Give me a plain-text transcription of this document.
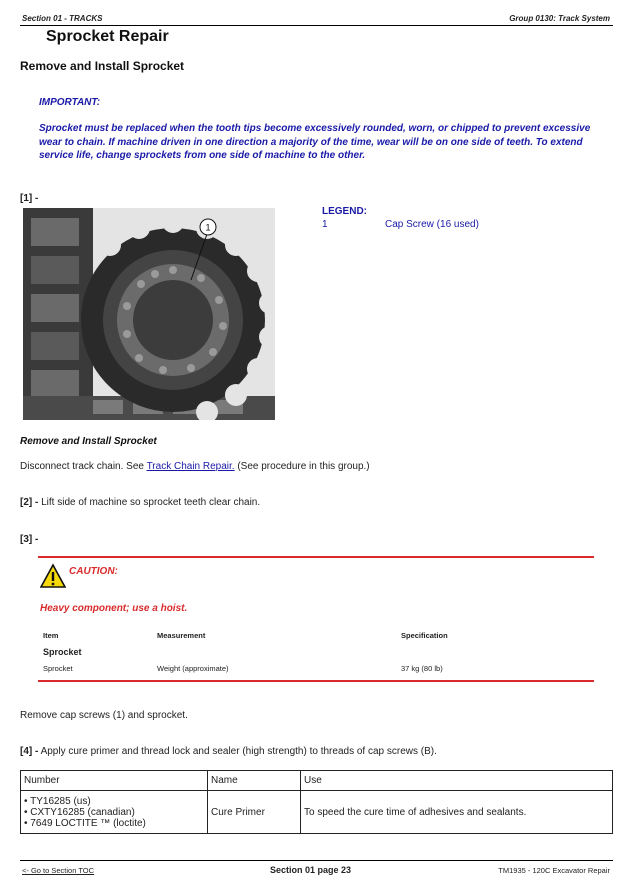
Section 01 - TRACKS	Group 0130: Track System
Sprocket Repair
Remove and Install Sprocket
IMPORTANT:
Sprocket must be replaced when the tooth tips become excessively rounded, worn, or chipped to prevent excessive wear to chain. If machine driven in one direction a majority of the time, wear will be on one side of teeth. To extend service life, change sprockets from one side of machine to the other.
[1] -
1
LEGEND:
1	Cap Screw (16 used)
Remove and Install Sprocket
Disconnect track chain. See Track Chain Repair. (See procedure in this group.)
[2] - Lift side of machine so sprocket teeth clear chain.
[3] -
CAUTION:
Heavy component; use a hoist.
Item	Measurement	Specification
Sprocket
Sprocket	Weight (approximate)	37 kg (80 lb)
Remove cap screws (1) and sprocket.
[4] - Apply cure primer and thread lock and sealer (high strength) to threads of cap screws (B).
Number	Name	Use

• TY16285 (us)
• CXTY16285 (canadian)
• 7649 LOCTITE ™ (loctite)	Cure Primer	To speed the cure time of adhesives and sealants.
<- Go to Section TOC	Section 01 page 23	TM1935 - 120C Excavator Repair
